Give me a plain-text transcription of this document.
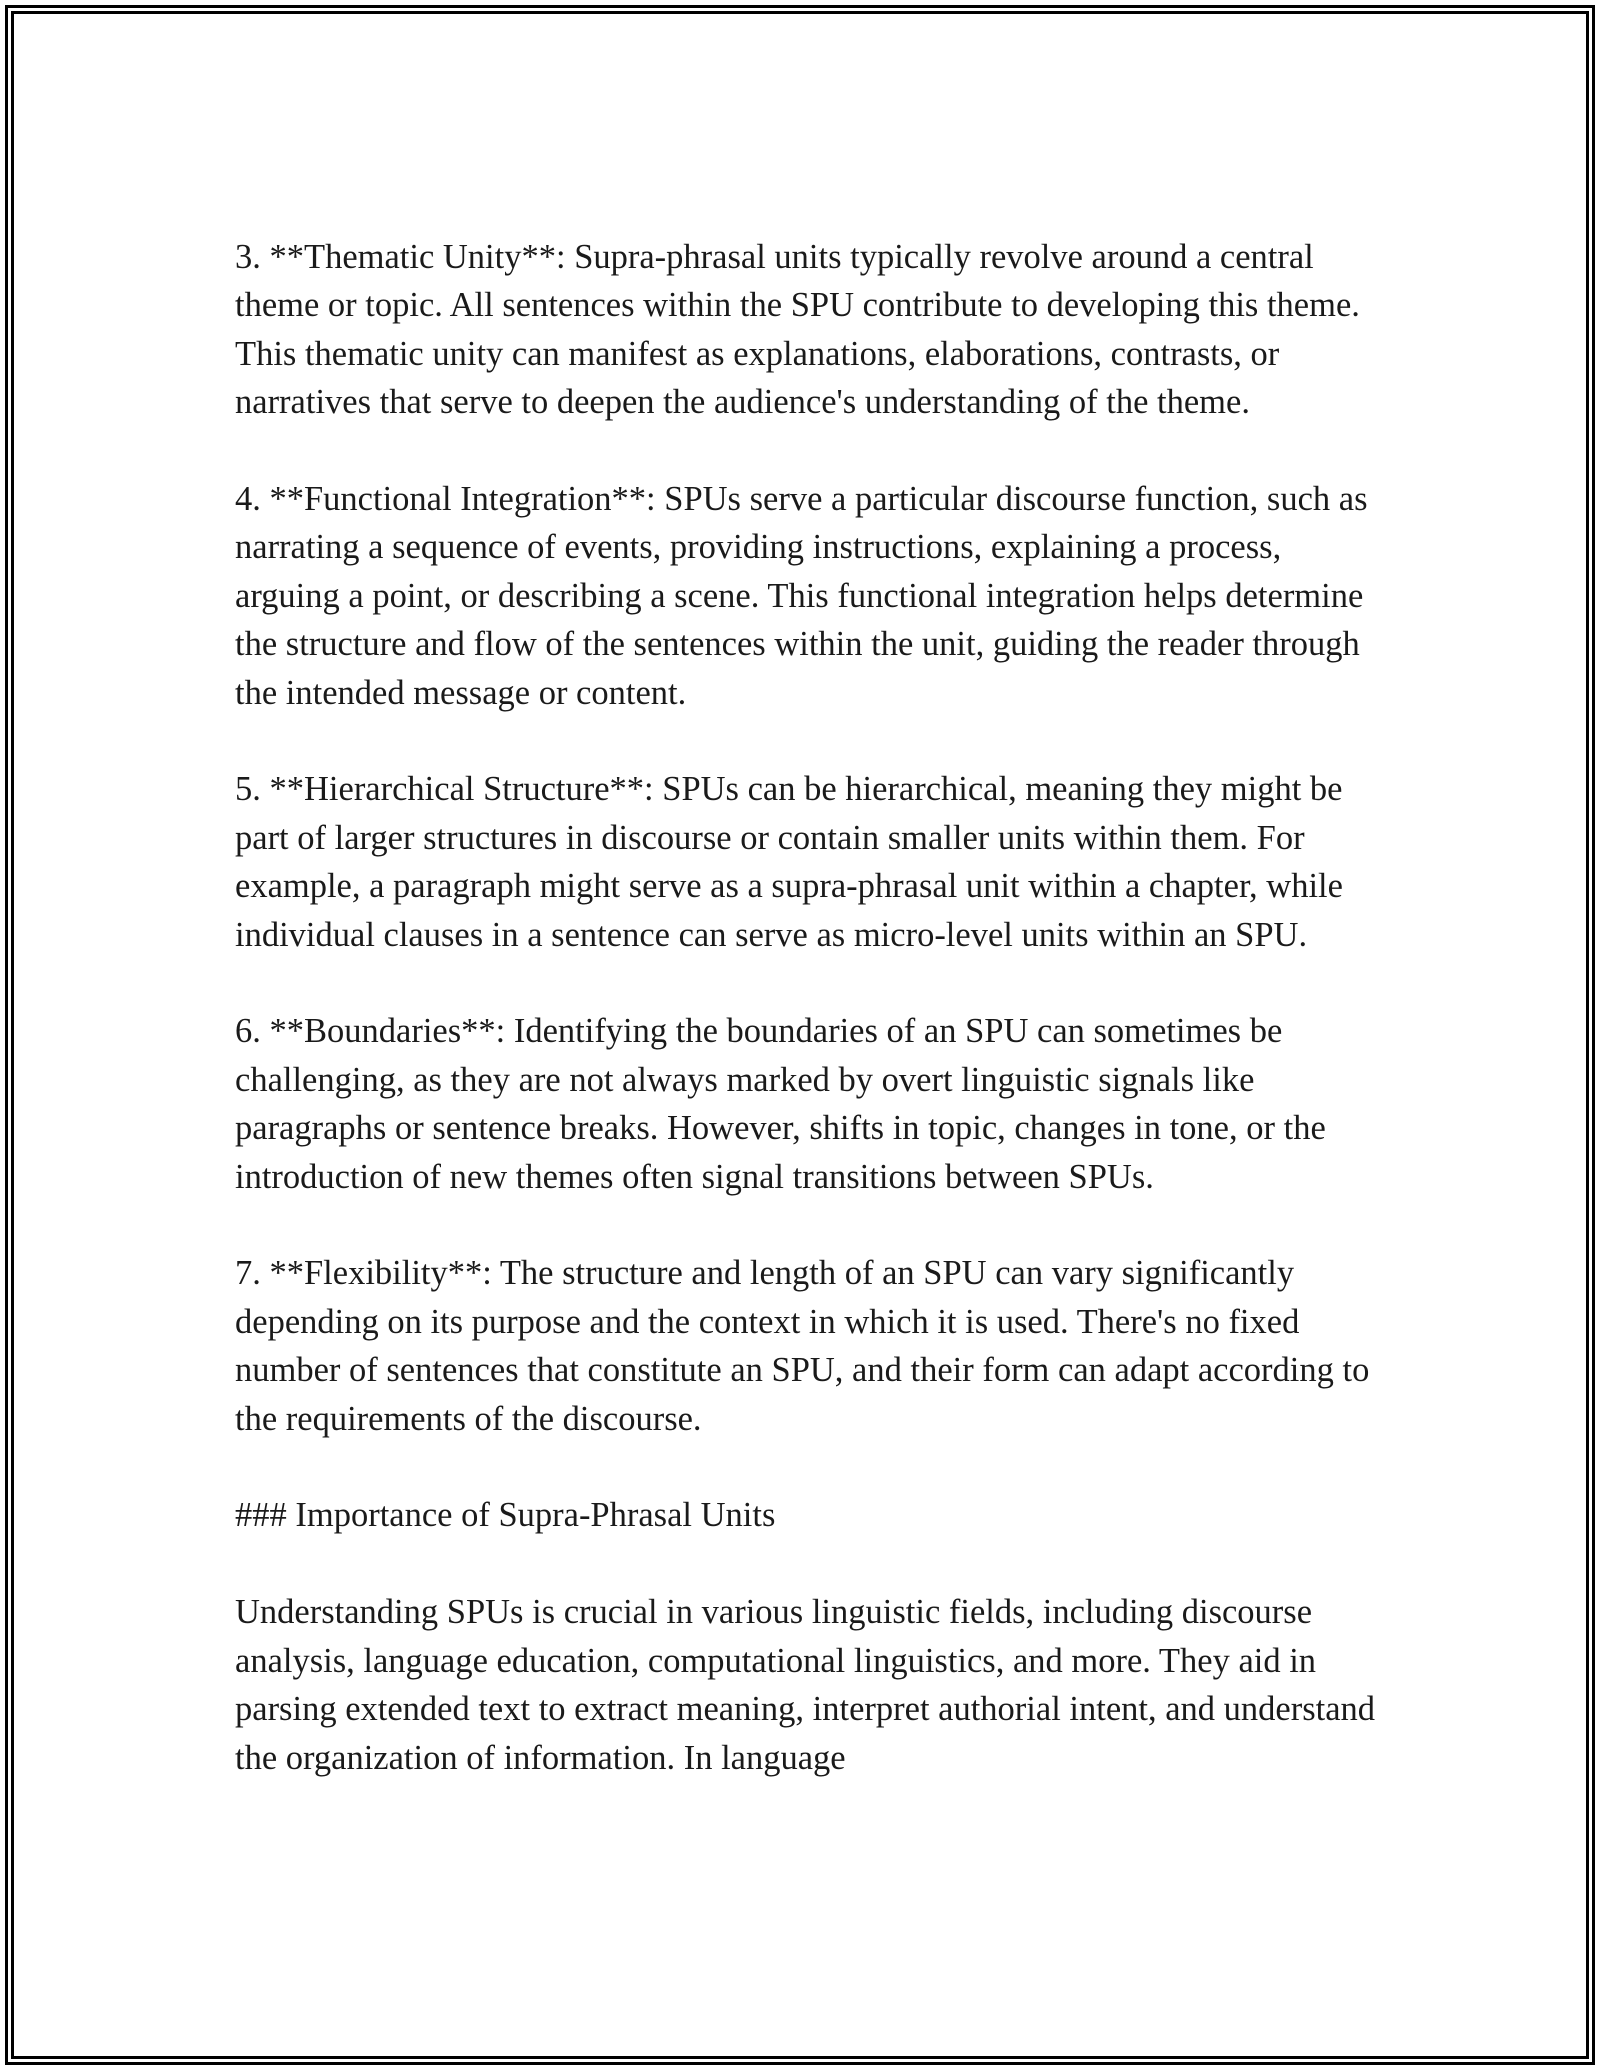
3. **Thematic Unity**: Supra-phrasal units typically revolve around a central theme or topic. All sentences within the SPU contribute to developing this theme. This thematic unity can manifest as explanations, elaborations, contrasts, or narratives that serve to deepen the audience's understanding of the theme.

4. **Functional Integration**: SPUs serve a particular discourse function, such as narrating a sequence of events, providing instructions, explaining a process, arguing a point, or describing a scene. This functional integration helps determine the structure and flow of the sentences within the unit, guiding the reader through the intended message or content.

5. **Hierarchical Structure**: SPUs can be hierarchical, meaning they might be part of larger structures in discourse or contain smaller units within them. For example, a paragraph might serve as a supra-phrasal unit within a chapter, while individual clauses in a sentence can serve as micro-level units within an SPU.

6. **Boundaries**: Identifying the boundaries of an SPU can sometimes be challenging, as they are not always marked by overt linguistic signals like paragraphs or sentence breaks. However, shifts in topic, changes in tone, or the introduction of new themes often signal transitions between SPUs.

7. **Flexibility**: The structure and length of an SPU can vary significantly depending on its purpose and the context in which it is used. There's no fixed number of sentences that constitute an SPU, and their form can adapt according to the requirements of the discourse.

### Importance of Supra-Phrasal Units

Understanding SPUs is crucial in various linguistic fields, including discourse analysis, language education, computational linguistics, and more. They aid in parsing extended text to extract meaning, interpret authorial intent, and understand the organization of information. In language
